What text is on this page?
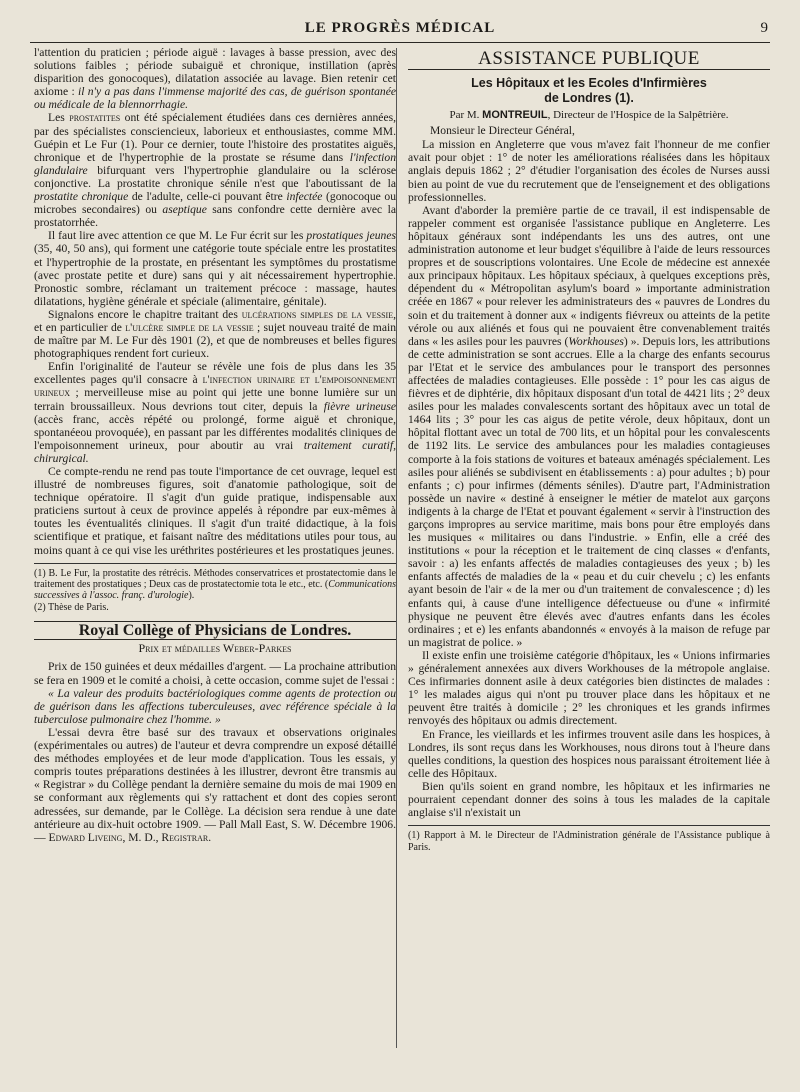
LE PROGRÈS MÉDICAL	9

l'attention du praticien ; période aiguë : lavages à basse pression, avec des solutions faibles ; période subaiguë et chronique, instillation (après disparition des gonocoques), dilatation associée au lavage. Bien retenir cet axiome : il n'y a pas dans l'immense majorité des cas, de guérison spontanée ou médicale de la blennorrhagie.

Les prostatites ont été spécialement étudiées dans ces dernières années, par des spécialistes consciencieux, laborieux et enthousiastes, comme MM. Guépin et Le Fur (1). Pour ce dernier, toute l'histoire des prostatites aiguës, chronique et de l'hypertrophie de la prostate se résume dans l'infection glandulaire bifurquant vers l'hypertrophie glandulaire ou la sclérose conjonctive. La prostatite chronique sénile n'est que l'aboutissant de la prostatite chronique de l'adulte, celle-ci pouvant être infectée (gonocoque ou microbes secondaires) ou aseptique sans confondre cette dernière avec la prostatorrhée.

Il faut lire avec attention ce que M. Le Fur écrit sur les prostatiques jeunes (35, 40, 50 ans), qui forment une catégorie toute spéciale entre les prostatites et l'hypertrophie de la prostate, en présentant les symptômes du prostatisme (avec prostate petite et dure) sans qui y ait nécessairement hypertrophie. Pronostic sombre, réclamant un traitement précoce : massage, hautes dilatations, hygiène générale et spéciale (alimentaire, génitale).

Signalons encore le chapitre traitant des ulcérations simples de la vessie, et en particulier de l'ulcère simple de la vessie ; sujet nouveau traité de main de maître par M. Le Fur dès 1901 (2), et que de nombreuses et belles figures photographiques rendent fort curieux.

Enfin l'originalité de l'auteur se révèle une fois de plus dans les 35 excellentes pages qu'il consacre à l'infection urinaire et l'empoisonnement urineux ; merveilleuse mise au point qui jette une bonne lumière sur un terrain broussailleux. Nous devrions tout citer, depuis la fièvre urineuse (accès franc, accès répété ou prolongé, forme aiguë et chronique, spontanéeou provoquée), en passant par les différentes modalités cliniques de l'empoisonnement urineux, pour aboutir au vrai traitement curatif, chirurgical.

Ce compte-rendu ne rend pas toute l'importance de cet ouvrage, lequel est illustré de nombreuses figures, soit d'anatomie pathologique, soit de technique opératoire. Il s'agit d'un guide pratique, indispensable aux praticiens surtout à ceux de province appelés à répondre par eux-mêmes à toutes les éventualités cliniques. Il s'agit d'un traité didactique, à la fois scientifique et pratique, et faisant naître des méditations utiles pour tous, au moins quant à ce qui vise les uréthrites postérieures et les prostatiques jeunes.

(1) B. Le Fur, la prostatite des rétrécis. Méthodes conservatrices et prostatectomie dans le traitement des prostatiques ; Deux cas de prostatectomie tota le etc., etc. (Communications successives à l'assoc. franç. d'urologie).
(2) Thèse de Paris.
Royal Collège of Physicians de Londres.
Prix et médailles Weber-Parkes

Prix de 150 guinées et deux médailles d'argent. — La prochaine attribution se fera en 1909 et le comité a choisi, à cette occasion, comme sujet de l'essai :

« La valeur des produits bactériologiques comme agents de protection ou de guérison dans les affections tuberculeuses, avec référence spéciale à la tuberculose pulmonaire chez l'homme. »

L'essai devra être basé sur des travaux et observations originales (expérimentales ou autres) de l'auteur et devra comprendre un exposé détaillé des méthodes employées et de leur mode d'application. Tous les essais, y compris toutes préparations destinées à les illustrer, devront être transmis au « Registrar » du Collège pendant la dernière semaine du mois de mai 1909 en se conformant aux règlements qui s'y rattachent et dont des copies seront adressées, sur demande, par le Collège. La décision sera rendue à une date antérieure au dix-huit octobre 1909. — Pall Mall East, S. W. Décembre 1906. — Edward Liveing, M. D., Registrar.

ASSISTANCE PUBLIQUE
Les Hôpitaux et les Ecoles d'Infirmières
de Londres (1).
Par M. MONTREUIL, Directeur de l'Hospice de la Salpêtrière.

Monsieur le Directeur Général,

La mission en Angleterre que vous m'avez fait l'honneur de me confier avait pour objet : 1° de noter les améliorations réalisées dans les hôpitaux anglais depuis 1862 ; 2° d'étudier l'organisation des écoles de Nurses aussi bien au point de vue du recrutement que de l'enseignement et des obligations professionnelles.

Avant d'aborder la première partie de ce travail, il est indispensable de rappeler comment est organisée l'assistance publique en Angleterre. Les hôpitaux généraux sont indépendants les uns des autres, ont une administration autonome et leur budget s'équilibre à l'aide de leurs ressources propres et de souscriptions volontaires. Une Ecole de médecine est annexée aux principaux hôpitaux. Les hôpitaux spéciaux, à quelques exceptions près, dépendent du « Métropolitan asylum's board » importante administration créée en 1867 « pour relever les administrateurs des « pauvres de Londres du soin et du traitement à donner aux « indigents fiévreux ou atteints de la petite vérole ou aux aliénés et fous qui ne pouvaient être convenablement traités dans « les asiles pour les pauvres (Workhouses) ». Depuis lors, les attributions de cette administration se sont accrues. Elle a la charge des enfants secourus par l'Etat et le service des ambulances pour le transport des personnes affectées de maladies contagieuses. Elle possède : 1° pour les cas aigus de fièvres et de diphtérie, dix hôpitaux disposant d'un total de 4421 lits ; 2° deux asiles pour les malades convalescents sortant des hôpitaux avec un total de 1464 lits ; 3° pour les cas aigus de petite vérole, deux hôpitaux, dont un hôpital flottant avec un total de 700 lits, et un hôpital pour les convalescents de 1192 lits. Le service des ambulances pour les maladies contagieuses comporte à la fois stations de voitures et bateaux aménagés spécialement. Les asiles pour aliénés se subdivisent en établissements : a) pour adultes ; b) pour enfants ; c) pour infirmes (déments séniles). D'autre part, l'Administration possède un navire « destiné à enseigner le métier de matelot aux garçons indigents à la charge de l'Etat et pouvant également « servir à l'instruction des garçons impropres au service maritime, mais bons pour être employés dans les musiques « militaires ou dans l'industrie. » Enfin, elle a créé des institutions « pour la réception et le traitement de cinq classes « d'enfants, savoir : a) les enfants affectés de maladies contagieuses des yeux ; b) les enfants affectés de maladies de la « peau et du cuir chevelu ; c) les enfants ayant besoin de l'air « de la mer ou d'un traitement de convalescence ; d) les enfants qui, à cause d'une intelligence défectueuse ou d'une « infirmité physique ne peuvent être élevés avec d'autres enfants dans les écoles ordinaires ; et e) les enfants abandonnés « envoyés à la maison de refuge par un magistrat de police. »

Il existe enfin une troisième catégorie d'hôpitaux, les « Unions infirmaries » généralement annexées aux divers Workhouses de la métropole anglaise. Ces infirmaries donnent asile à deux catégories bien distinctes de malades : 1° les malades aigus qui n'ont pu trouver place dans les hôpitaux et ne peuvent être traités à domicile ; 2° les chroniques et les grands infirmes renvoyés des hôpitaux ou admis directement.

En France, les vieillards et les infirmes trouvent asile dans les hospices, à Londres, ils sont reçus dans les Workhouses, nous dirons tout à l'heure dans quelles conditions, la question des hospices nous paraissant étroitement liée à celle des Hôpitaux.

Bien qu'ils soient en grand nombre, les hôpitaux et les infirmaries ne pourraient cependant donner des soins à tous les malades de la capitale anglaise s'il n'existait un

(1) Rapport à M. le Directeur de l'Administration générale de l'Assistance publique à Paris.
